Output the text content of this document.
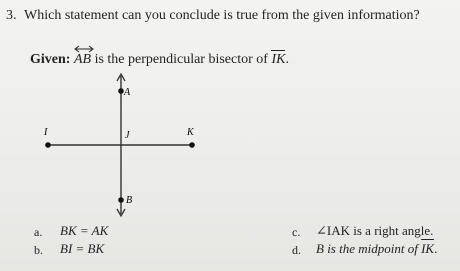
3. Which statement can you conclude is true from the given information?
Given: AB is the perpendicular bisector of IK.
A
B
I	J	K
a. BK = AK
b. BI = BK
c. ∠IAK is a right angle.
d. B is the midpoint of IK.
